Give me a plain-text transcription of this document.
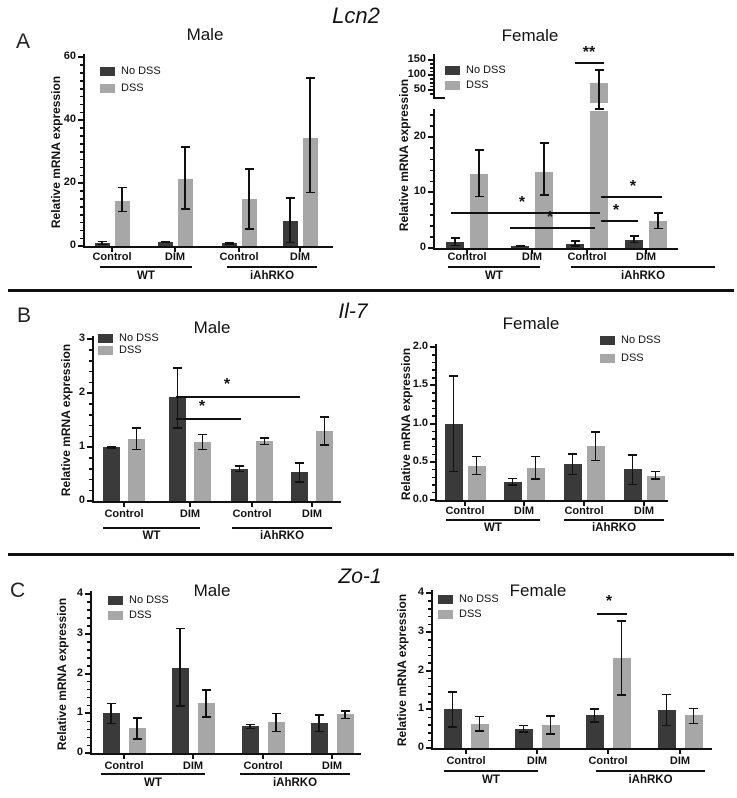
A
B
C
Lcn2
Il-7
Zo-1
Male
Relative mRNA expression
0
20
40
60
Control	DIM	Control	DIM
WT	iAhRKO
No DSS
DSS
Female
Relative mRNA expression
0
10
20
50
100
150
Control	DIM	Control	DIM
WT	iAhRKO
No DSS
DSS
**
*
*
*
*
Male
Relative mRNA expression
0
1
2
3
Control	DIM	Control	DIM
WT	iAhRKO
No DSS
DSS
*
*
Female
Relative mRNA expression 0.0
0.5
1.0
1.5
2.0
Control	DIM	Control	DIM
WT	iAhRKO
No DSS
DSS
Male
Relative mRNA expression
0
1
2
3
4
Control	DIM	Control	DIM
WT	iAhRKO
No DSS
DSS
Female
Relative mRNA expression
0
1
2
3
4
Control	DIM	Control	DIM
WT	iAhRKO
No DSS
DSS
*
